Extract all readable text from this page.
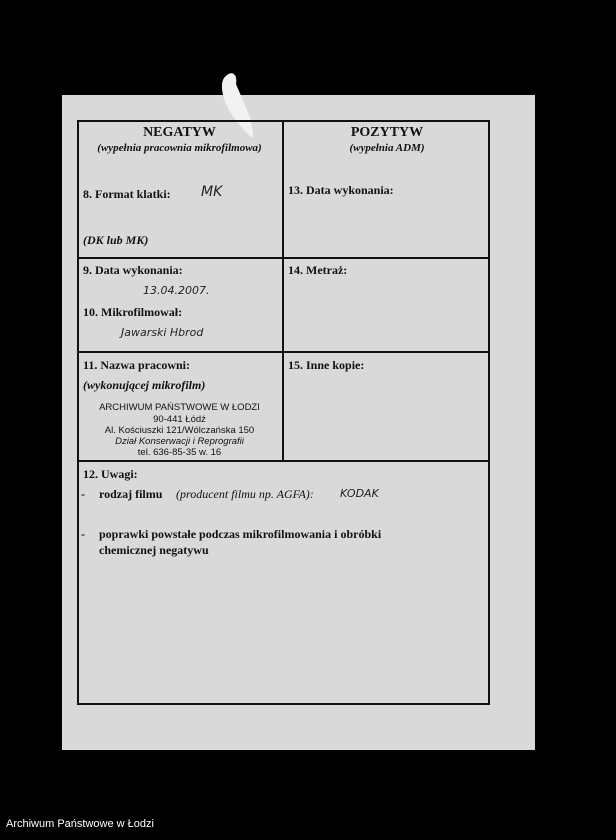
NEGATYW
(wypełnia pracownia mikrofilmowa)
POZYTYW
(wypełnia ADM)
8. Format klatki: MK
(DK lub MK)
13. Data wykonania:
9. Data wykonania:
13.04.2007.
10. Mikrofilmował:
Jawarski Hbrod
14. Metraż:
11. Nazwa pracowni:
(wykonującej mikrofilm)
ARCHIWUM PAŃSTWOWE W ŁODZI
90-441 Łódź
Al. Kościuszki 121/Wólczańska 150
Dział Konserwacji i Reprografii
tel. 636-85-35 w. 16
15. Inne kopie:
12. Uwagi:
- rodzaj filmu (producent filmu np. AGFA): KODAK
- poprawki powstałe podczas mikrofilmowania i obróbki
chemicznej negatywu
Archiwum Państwowe w Łodzi
